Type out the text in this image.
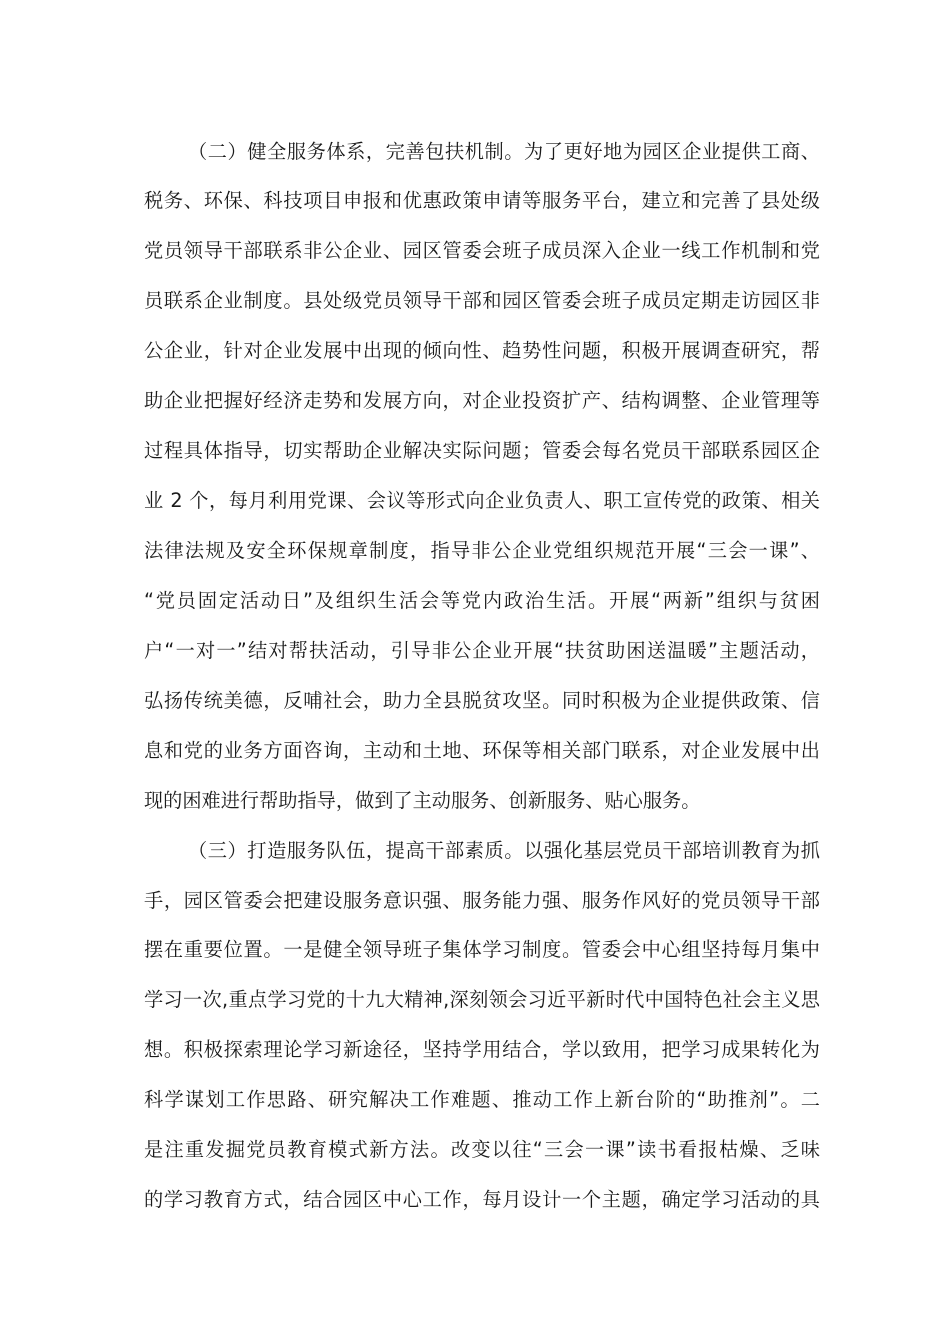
（二）健全服务体系，完善包扶机制。为了更好地为园区企业提供工商、
税务、环保、科技项目申报和优惠政策申请等服务平台，建立和完善了县处级
党员领导干部联系非公企业、园区管委会班子成员深入企业一线工作机制和党
员联系企业制度。县处级党员领导干部和园区管委会班子成员定期走访园区非
公企业，针对企业发展中出现的倾向性、趋势性问题，积极开展调查研究，帮
助企业把握好经济走势和发展方向，对企业投资扩产、结构调整、企业管理等
过程具体指导，切实帮助企业解决实际问题；管委会每名党员干部联系园区企
业 2 个，每月利用党课、会议等形式向企业负责人、职工宣传党的政策、相关
法律法规及安全环保规章制度，指导非公企业党组织规范开展“三会一课”、
“党员固定活动日”及组织生活会等党内政治生活。开展“两新”组织与贫困
户“一对一”结对帮扶活动，引导非公企业开展“扶贫助困送温暖”主题活动，
弘扬传统美德，反哺社会，助力全县脱贫攻坚。同时积极为企业提供政策、信
息和党的业务方面咨询，主动和土地、环保等相关部门联系，对企业发展中出
现的困难进行帮助指导，做到了主动服务、创新服务、贴心服务。
（三）打造服务队伍，提高干部素质。以强化基层党员干部培训教育为抓
手，园区管委会把建设服务意识强、服务能力强、服务作风好的党员领导干部
摆在重要位置。一是健全领导班子集体学习制度。管委会中心组坚持每月集中
学习一次,重点学习党的十九大精神,深刻领会习近平新时代中国特色社会主义思
想。积极探索理论学习新途径，坚持学用结合，学以致用，把学习成果转化为
科学谋划工作思路、研究解决工作难题、推动工作上新台阶的“助推剂”。二
是注重发掘党员教育模式新方法。改变以往“三会一课”读书看报枯燥、乏味
的学习教育方式，结合园区中心工作，每月设计一个主题，确定学习活动的具
